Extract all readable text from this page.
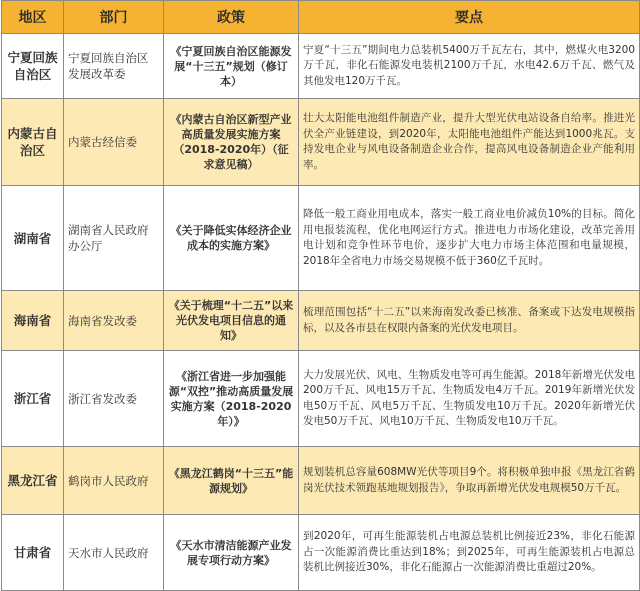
地区	部门	政策	要点
宁夏回族自治区	宁夏回族自治区发展改革委	《宁夏回族自治区能源发展“十三五”规划（修订本）	宁夏“十三五”期间电力总装机5400万千瓦左右，其中，燃煤火电3200万千瓦，非化石能源发电装机2100万千瓦，水电42.6万千瓦、燃气及其他发电120万千瓦。
内蒙古自治区	内蒙古经信委	《内蒙古自治区新型产业高质量发展实施方案（2018-2020年）（征求意见稿）	壮大太阳能电池组件制造产业，提升大型光伏电站设备自给率。推进光伏全产业链建设，到2020年，太阳能电池组件产能达到1000兆瓦。支持发电企业与风电设备制造企业合作，提高风电设备制造企业产能利用率。
湖南省	湖南省人民政府办公厅	《关于降低实体经济企业成本的实施方案》	降低一般工商业用电成本，落实一般工商业电价减负10%的目标。简化用电报装流程，优化电网运行方式。推进电力市场化建设，改革完善用电计划和竞争性环节电价，逐步扩大电力市场主体范围和电量规模，2018年全省电力市场交易规模不低于360亿千瓦时。
海南省	海南省发改委	《关于梳理“十二五”以来光伏发电项目信息的通知》	梳理范围包括“十二五”以来海南发改委已核准、备案或下达发电规模指标，以及各市县在权限内备案的光伏发电项目。
浙江省	浙江省发改委	《浙江省进一步加强能源“双控”推动高质量发展实施方案（2018-2020年）》	大力发展光伏、风电、生物质发电等可再生能源。2018年新增光伏发电200万千瓦、风电15万千瓦、生物质发电4万千瓦。2019年新增光伏发电50万千瓦、风电5万千瓦、生物质发电10万千瓦。2020年新增光伏发电50万千瓦、风电10万千瓦、生物质发电10万千瓦。
黑龙江省	鹤岗市人民政府	《黑龙江鹤岗“十三五”能源规划》	规划装机总容量608MW光伏等项目9个。将积极单独申报《黑龙江省鹤岗光伏技术领跑基地规划报告》，争取再新增光伏发电规模50万千瓦。
甘肃省	天水市人民政府	《天水市清洁能源产业发展专项行动方案》	到2020年，可再生能源装机占电源总装机比例接近23%，非化石能源占一次能源消费比重达到18%；到2025年，可再生能源装机占电源总装机比例接近30%，非化石能源占一次能源消费比重超过20%。
